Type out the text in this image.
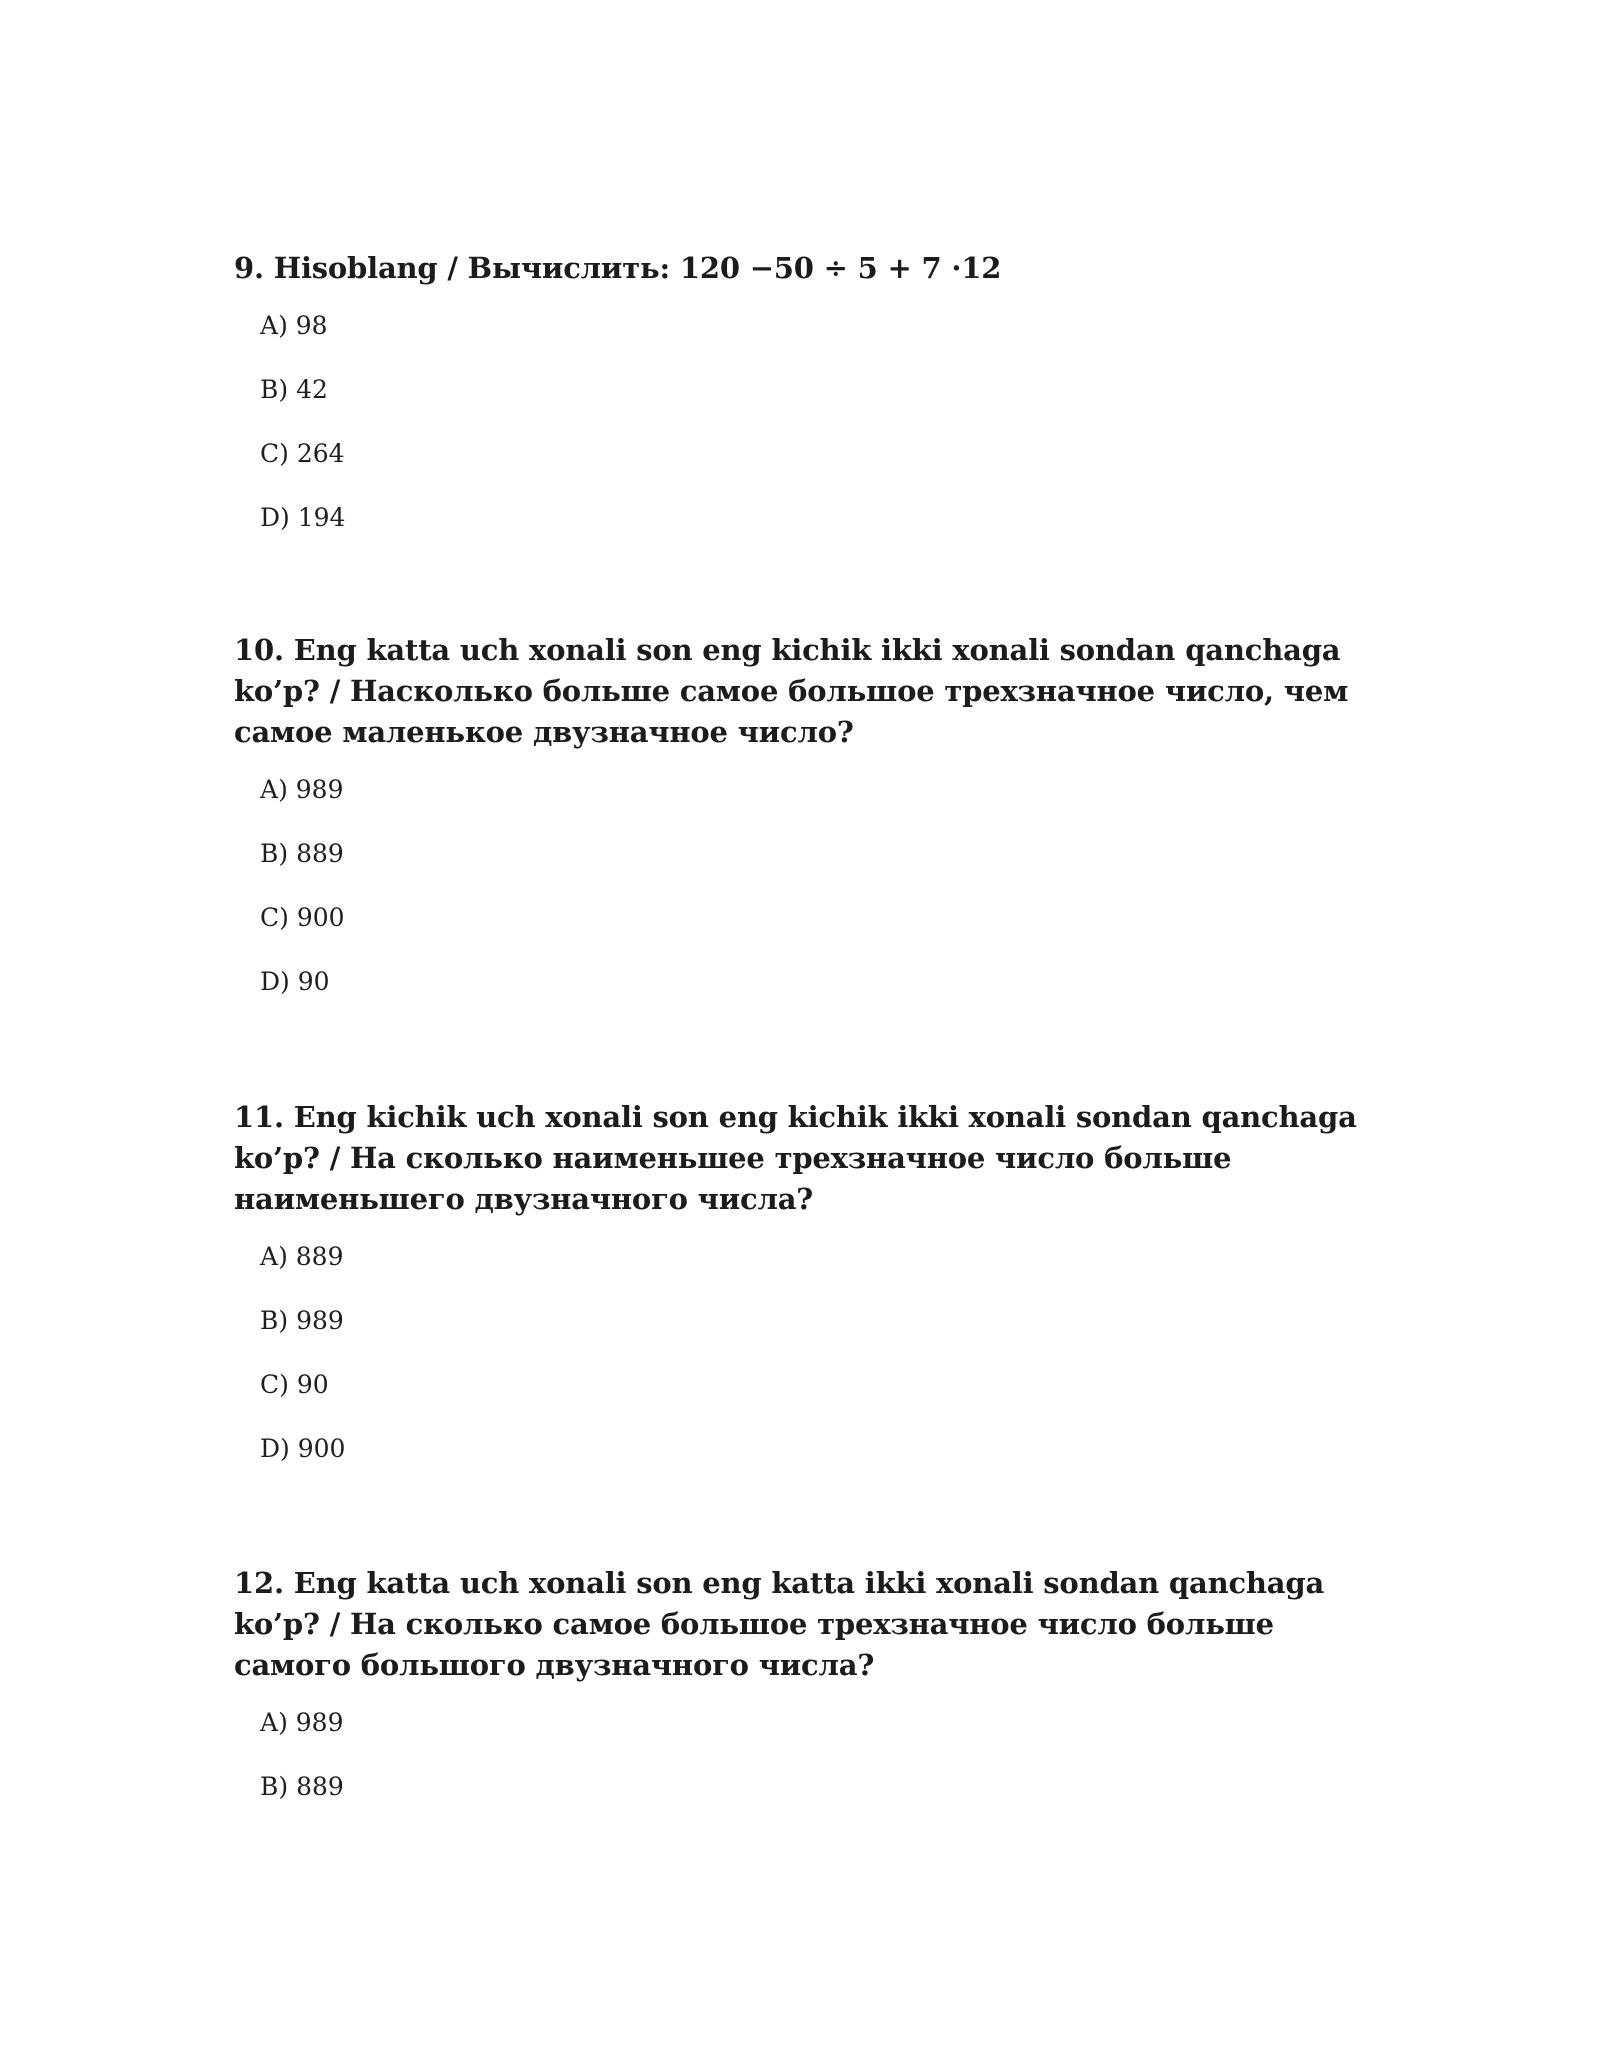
9. Hisoblang / Вычислить: 120 −50 ÷ 5 + 7 ·12

A ) 98
B ) 42
C ) 264
D ) 194

10. Eng katta uch xonali son eng kichik ikki xonali sondan qanchaga ko’p? / Насколько больше самое большое трехзначное число, чем самое маленькое двузначное число?

A ) 989
B ) 889
C ) 900
D ) 90

11. Eng kichik uch xonali son eng kichik ikki xonali sondan qanchaga ko’p? / На сколько наименьшее трехзначное число больше наименьшего двузначного числа?

A ) 889
B ) 989
C ) 90
D ) 900

12. Eng katta uch xonali son eng katta ikki xonali sondan qanchaga ko’p? / На сколько самое большое трехзначное число больше самого большого двузначного числа?

A ) 989
B ) 889
